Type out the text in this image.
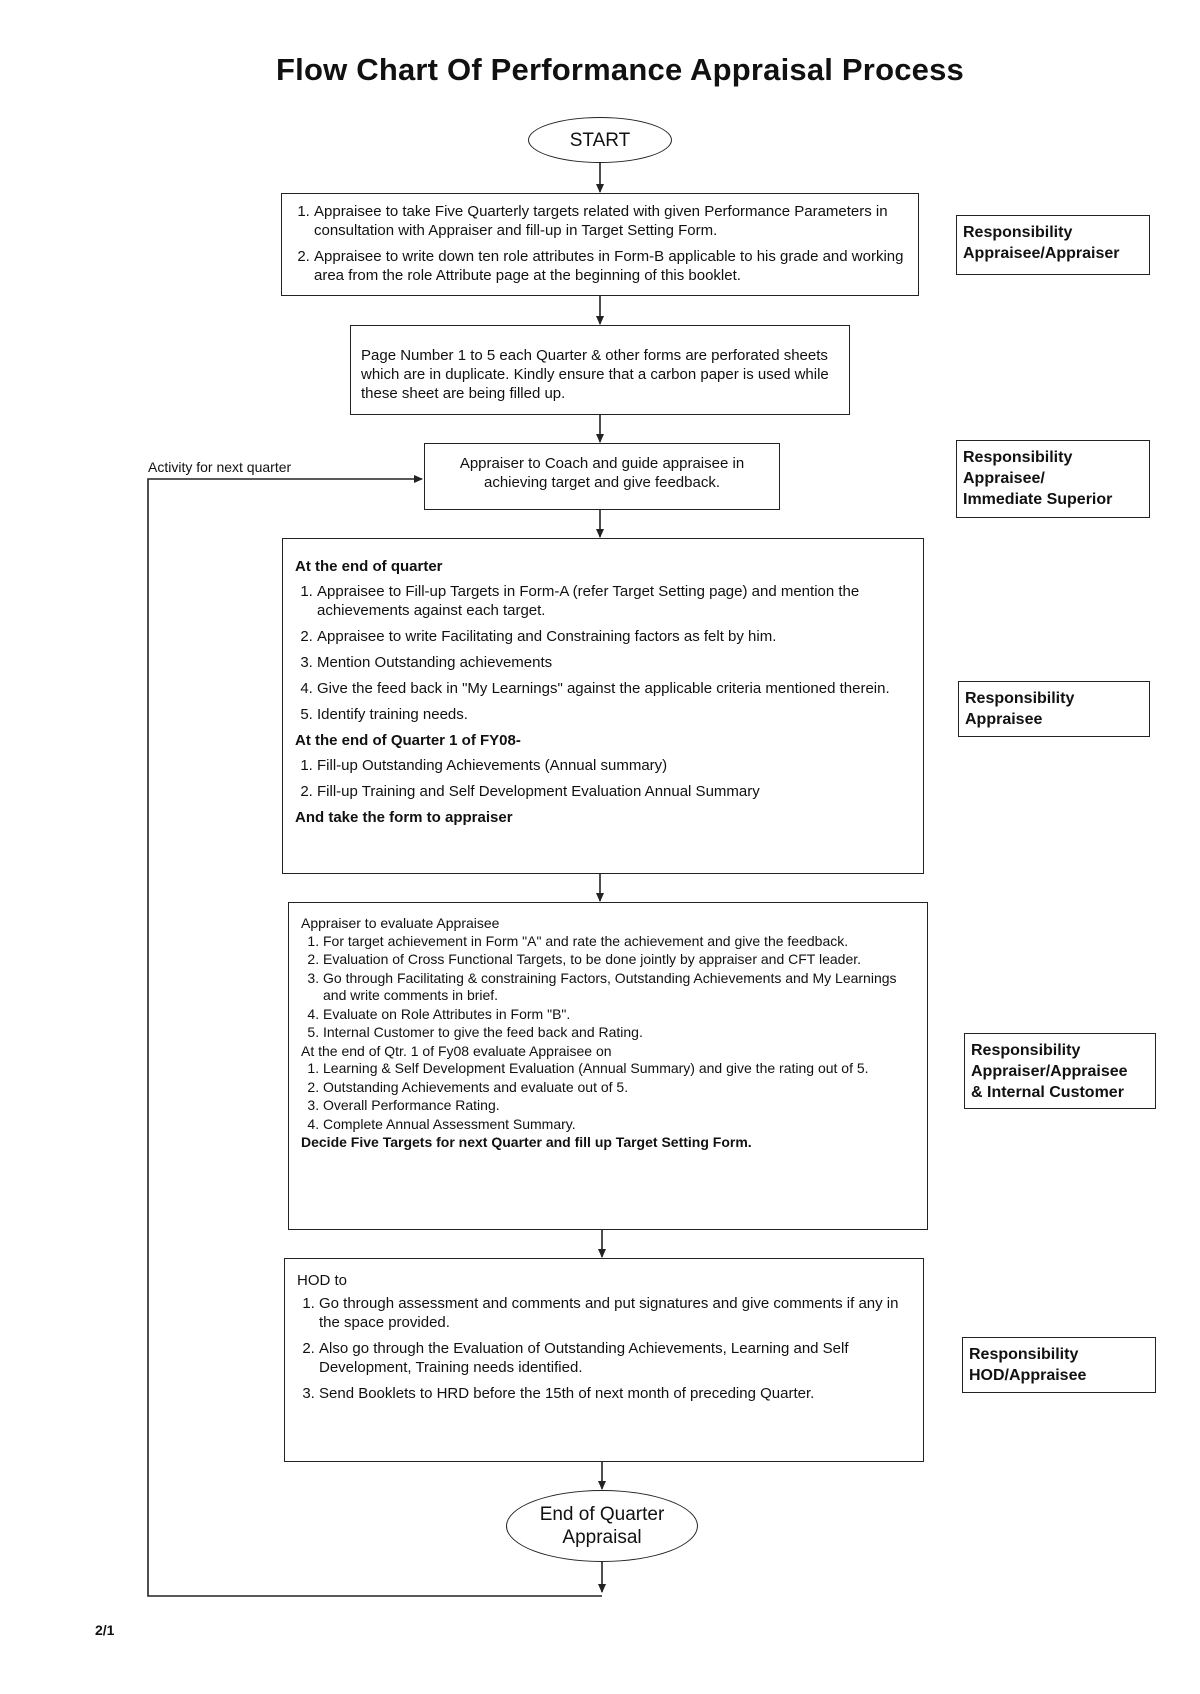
Flow Chart Of Performance Appraisal Process
START
1. Appraisee to take Five Quarterly targets related with given Performance Parameters in consultation with Appraiser and fill-up in Target Setting Form.
2. Appraisee to write down ten role attributes in Form-B applicable to his grade and working area from the role Attribute page at the beginning of this booklet.

Page Number 1 to 5 each Quarter & other forms are perforated sheets which are in duplicate. Kindly ensure that a carbon paper is used while these sheet are being filled up.

Appraiser to Coach and guide appraisee in achieving target and give feedback.

At the end of quarter
1. Appraisee to Fill-up Targets in Form-A (refer Target Setting page) and mention the achievements against each target.
2. Appraisee to write Facilitating and Constraining factors as felt by him.
3. Mention Outstanding achievements
4. Give the feed back in "My Learnings" against the applicable criteria mentioned therein.
5. Identify training needs.
At the end of Quarter 1 of FY08-
1. Fill-up Outstanding Achievements (Annual summary)
2. Fill-up Training and Self Development Evaluation Annual Summary
And take the form to appraiser
Appraiser to evaluate Appraisee
1. For target achievement in Form "A" and rate the achievement and give the feedback.
2. Evaluation of Cross Functional Targets, to be done jointly by appraiser and CFT leader.
3. Go through Facilitating & constraining Factors, Outstanding Achievements and My Learnings and write comments in brief.
4. Evaluate on Role Attributes in Form "B".
5. Internal Customer to give the feed back and Rating.
At the end of Qtr. 1 of Fy08 evaluate Appraisee on
1. Learning & Self Development Evaluation (Annual Summary) and give the rating out of 5.
2. Outstanding Achievements and evaluate out of 5.
3. Overall Performance Rating.
4. Complete Annual Assessment Summary.
Decide Five Targets for next Quarter and fill up Target Setting Form.
HOD to
1. Go through assessment and comments and put signatures and give comments if any in the space provided.
2. Also go through the Evaluation of Outstanding Achievements, Learning and Self Development, Training needs identified.
3. Send Booklets to HRD before the 15th of next month of preceding Quarter.
End of Quarter
Appraisal
Activity for next quarter
Responsibility
Appraisee/Appraiser
Responsibility
Appraisee/
Immediate Superior
Responsibility
Appraisee
Responsibility
Appraiser/Appraisee
& Internal Customer
Responsibility
HOD/Appraisee
2/1
